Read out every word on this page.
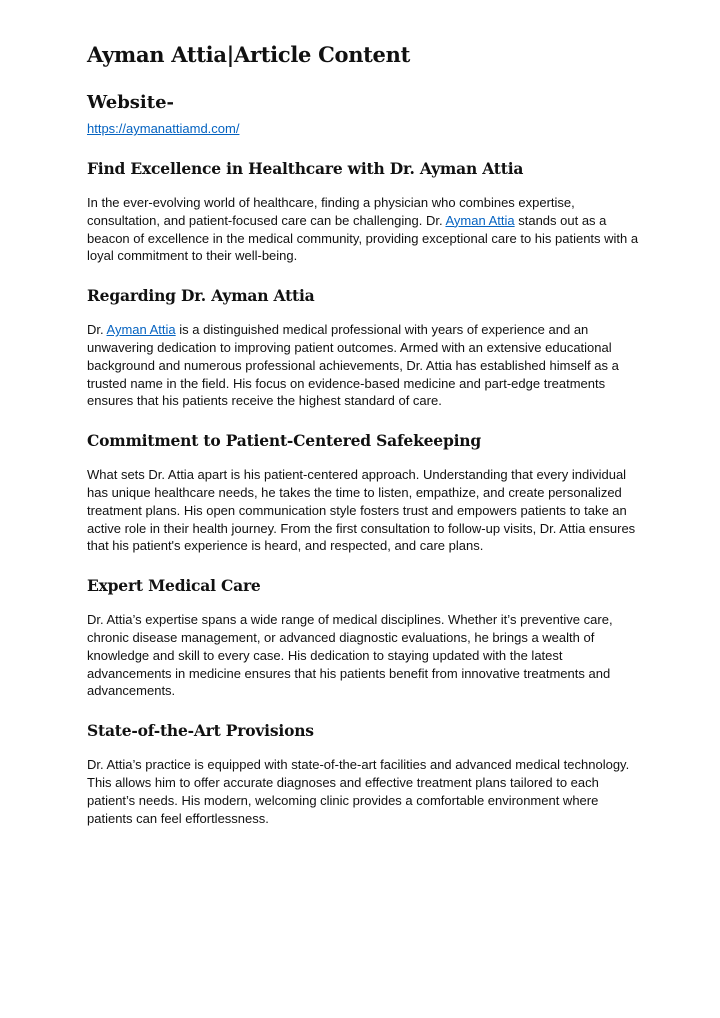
Ayman Attia|Article Content
Website-
https://aymanattiamd.com/
Find Excellence in Healthcare with Dr. Ayman Attia

In the ever-evolving world of healthcare, finding a physician who combines expertise, consultation, and patient-focused care can be challenging. Dr. Ayman Attia stands out as a beacon of excellence in the medical community, providing exceptional care to his patients with a loyal commitment to their well-being.

Regarding Dr. Ayman Attia

Dr. Ayman Attia is a distinguished medical professional with years of experience and an unwavering dedication to improving patient outcomes. Armed with an extensive educational background and numerous professional achievements, Dr. Attia has established himself as a trusted name in the field. His focus on evidence-based medicine and part-edge treatments ensures that his patients receive the highest standard of care.

Commitment to Patient-Centered Safekeeping

What sets Dr. Attia apart is his patient-centered approach. Understanding that every individual has unique healthcare needs, he takes the time to listen, empathize, and create personalized treatment plans. His open communication style fosters trust and empowers patients to take an active role in their health journey. From the first consultation to follow-up visits, Dr. Attia ensures that his patient's experience is heard, and respected, and care plans.

Expert Medical Care

Dr. Attia’s expertise spans a wide range of medical disciplines. Whether it’s preventive care, chronic disease management, or advanced diagnostic evaluations, he brings a wealth of knowledge and skill to every case. His dedication to staying updated with the latest advancements in medicine ensures that his patients benefit from innovative treatments and advancements.

State-of-the-Art Provisions

Dr. Attia’s practice is equipped with state-of-the-art facilities and advanced medical technology. This allows him to offer accurate diagnoses and effective treatment plans tailored to each patient’s needs. His modern, welcoming clinic provides a comfortable environment where patients can feel effortlessness.
